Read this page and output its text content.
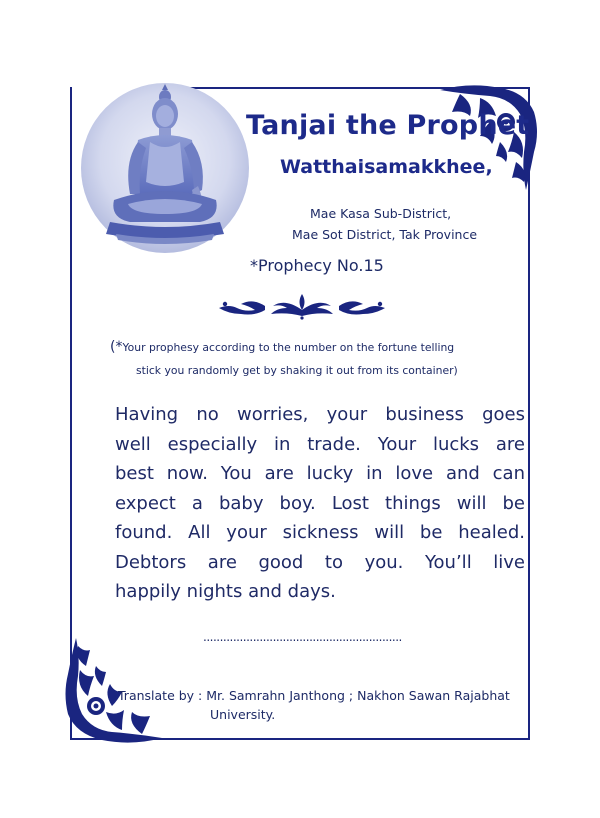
Tanjai the Prophet
Watthaisamakkhee,
Mae Kasa Sub-District,
Mae Sot District, Tak Province
*Prophecy No.15
(*Your prophesy according to the number on the fortune telling
stick you randomly get by shaking it out from its container)
Having no worries, your business goes
well especially in trade. Your lucks are
best now. You are lucky in love and can
expect a baby boy. Lost things will be
found. All your sickness will be healed.
Debtors are good to you. You’ll live
happily nights and days.
............................................................
Translate by : Mr. Samrahn Janthong ; Nakhon Sawan Rajabhat
University.
